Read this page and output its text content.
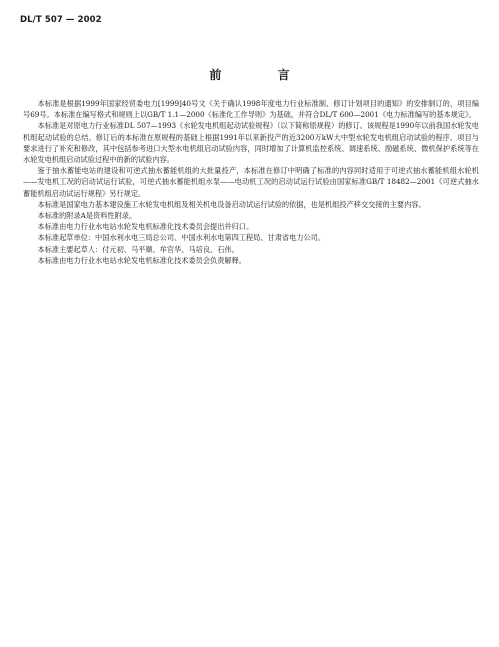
DL/T 507 — 2002
前 言

本标准是根据1999年国家经贸委电力[1999]40号文《关于确认1998年度电力行业标准制、修订计划项目的通知》的安排制订的，项目编号69号。本标准在编写格式和规则上以GB/T 1.1—2000《标准化工作导则》为基础，并符合DL/T 600—2001《电力标准编写的基本规定》。

本标准是对原电力行业标准DL 507—1993《水轮发电机组起动试验规程》（以下简称原规程）的修订。该规程是1990年以前我国水轮发电机组起动试验的总结。修订后的本标准在原规程的基础上根据1991年以来新投产的近3200万kW大中型水轮发电机组启动试验的程序、项目与要求进行了补充和修改，其中包括参考进口大型水电机组启动试验内容，同时增加了计算机监控系统、调速系统、励磁系统、微机保护系统等在水轮发电机组启动试验过程中的新的试验内容。

鉴于抽水蓄能电站的建设和可逆式抽水蓄能机组的大批量投产，本标准在修订中明确了标准的内容同时适用于可逆式抽水蓄能机组水轮机——发电机工况的启动试运行试验，可逆式抽水蓄能机组水泵——电动机工况的启动试运行试验由国家标准GB/T 18482—2001《可逆式抽水蓄能机组启动试运行规程》另行规定。

本标准是国家电力基本建设施工水轮发电机组及相关机电设备启动试运行试验的依据，也是机组投产移交交接的主要内容。

本标准的附录A是资料性附录。

本标准由电力行业水电站水轮发电机标准化技术委员会提出并归口。

本标准起草单位：中国水利水电三局总公司、中国水利水电第四工程局、甘肃省电力公司。

本标准主要起草人：付元初、马平顺、牟官华、马培良、石伟。

本标准由电力行业水电站水轮发电机标准化技术委员会负责解释。
